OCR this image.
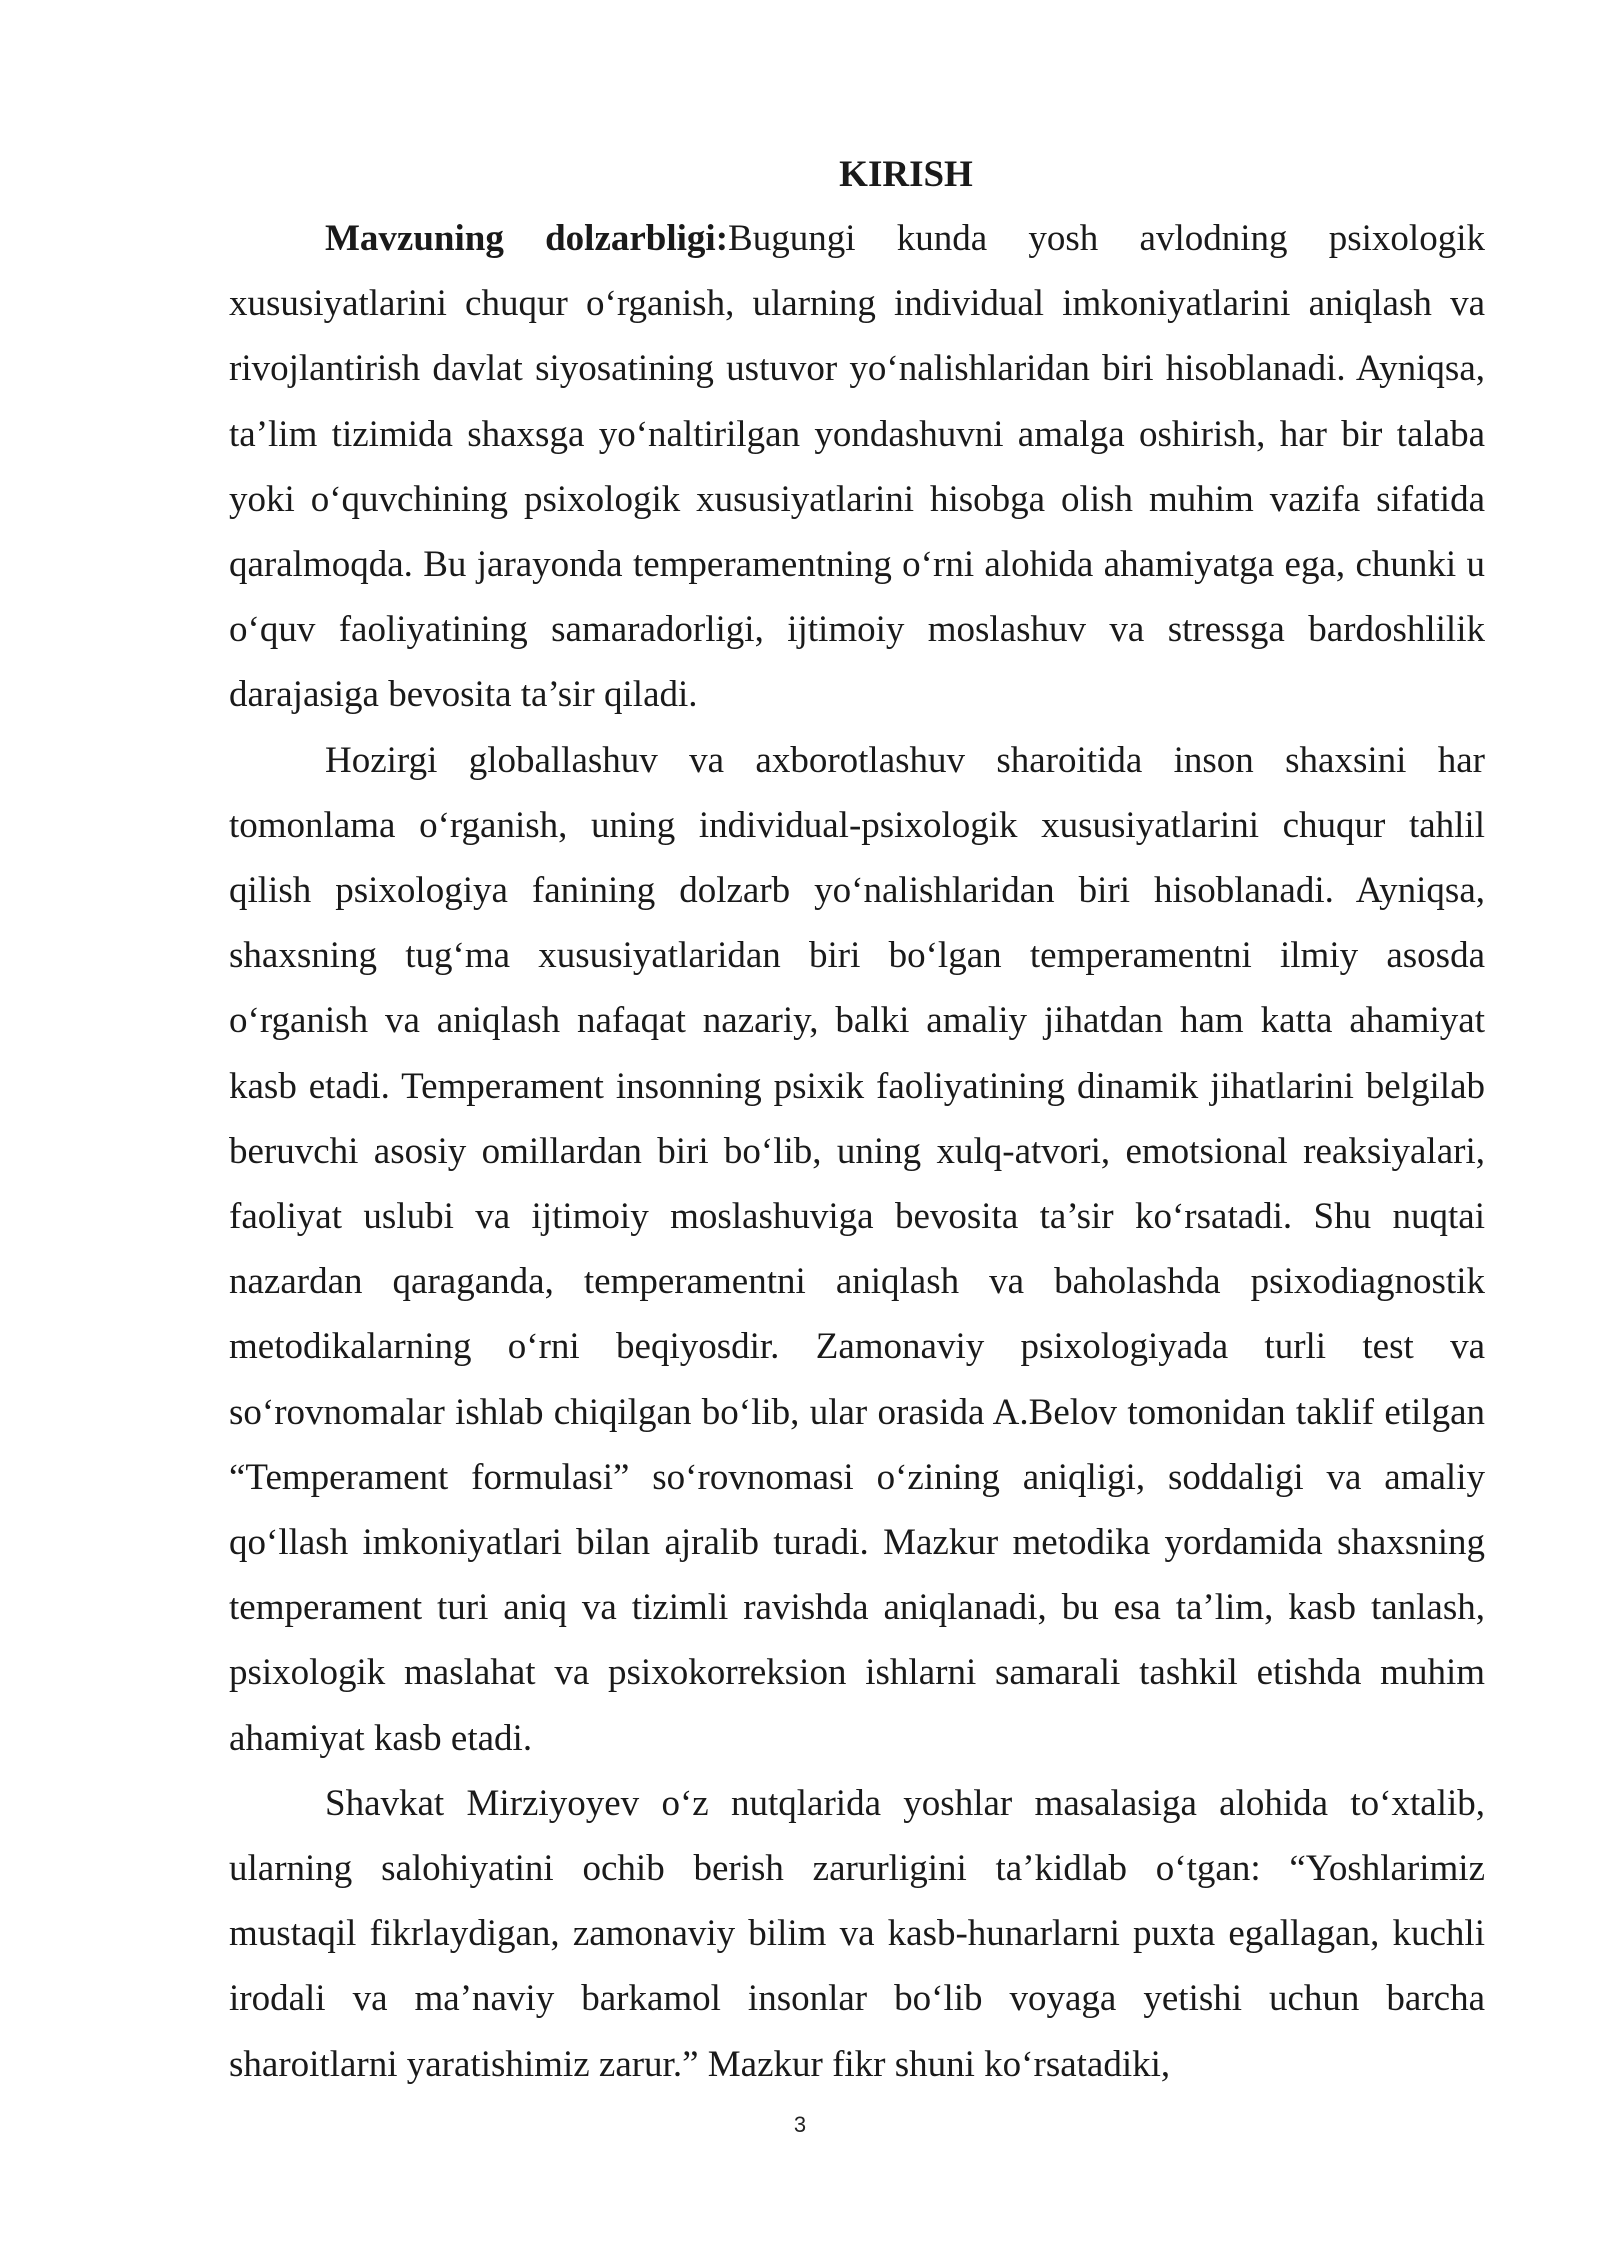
KIRISH

Mavzuning dolzarbligi:Bugungi kunda yosh avlodning psixologik xususiyatlarini chuqur o‘rganish, ularning individual imkoniyatlarini aniqlash va rivojlantirish davlat siyosatining ustuvor yo‘nalishlaridan biri hisoblanadi. Ayniqsa, ta’lim tizimida shaxsga yo‘naltirilgan yondashuvni amalga oshirish, har bir talaba yoki o‘quvchining psixologik xususiyatlarini hisobga olish muhim vazifa sifatida qaralmoqda. Bu jarayonda temperamentning o‘rni alohida ahamiyatga ega, chunki u o‘quv faoliyatining samaradorligi, ijtimoiy moslashuv va stressga bardoshlilik darajasiga bevosita ta’sir qiladi.

Hozirgi globallashuv va axborotlashuv sharoitida inson shaxsini har tomonlama o‘rganish, uning individual-psixologik xususiyatlarini chuqur tahlil qilish psixologiya fanining dolzarb yo‘nalishlaridan biri hisoblanadi. Ayniqsa, shaxsning tug‘ma xususiyatlaridan biri bo‘lgan temperamentni ilmiy asosda o‘rganish va aniqlash nafaqat nazariy, balki amaliy jihatdan ham katta ahamiyat kasb etadi. Temperament insonning psixik faoliyatining dinamik jihatlarini belgilab beruvchi asosiy omillardan biri bo‘lib, uning xulq-atvori, emotsional reaksiyalari, faoliyat uslubi va ijtimoiy moslashuviga bevosita ta’sir ko‘rsatadi. Shu nuqtai nazardan qaraganda, temperamentni aniqlash va baholashda psixodiagnostik metodikalarning o‘rni beqiyosdir. Zamonaviy psixologiyada turli test va so‘rovnomalar ishlab chiqilgan bo‘lib, ular orasida A.Belov tomonidan taklif etilgan “Temperament formulasi” so‘rovnomasi o‘zining aniqligi, soddaligi va amaliy qo‘llash imkoniyatlari bilan ajralib turadi. Mazkur metodika yordamida shaxsning temperament turi aniq va tizimli ravishda aniqlanadi, bu esa ta’lim, kasb tanlash, psixologik maslahat va psixokorreksion ishlarni samarali tashkil etishda muhim ahamiyat kasb etadi.

Shavkat Mirziyoyev o‘z nutqlarida yoshlar masalasiga alohida to‘xtalib, ularning salohiyatini ochib berish zarurligini ta’kidlab o‘tgan: “Yoshlarimiz mustaqil fikrlaydigan, zamonaviy bilim va kasb-hunarlarni puxta egallagan, kuchli irodali va ma’naviy barkamol insonlar bo‘lib voyaga yetishi uchun barcha sharoitlarni yaratishimiz zarur.” Mazkur fikr shuni ko‘rsatadiki,

3
